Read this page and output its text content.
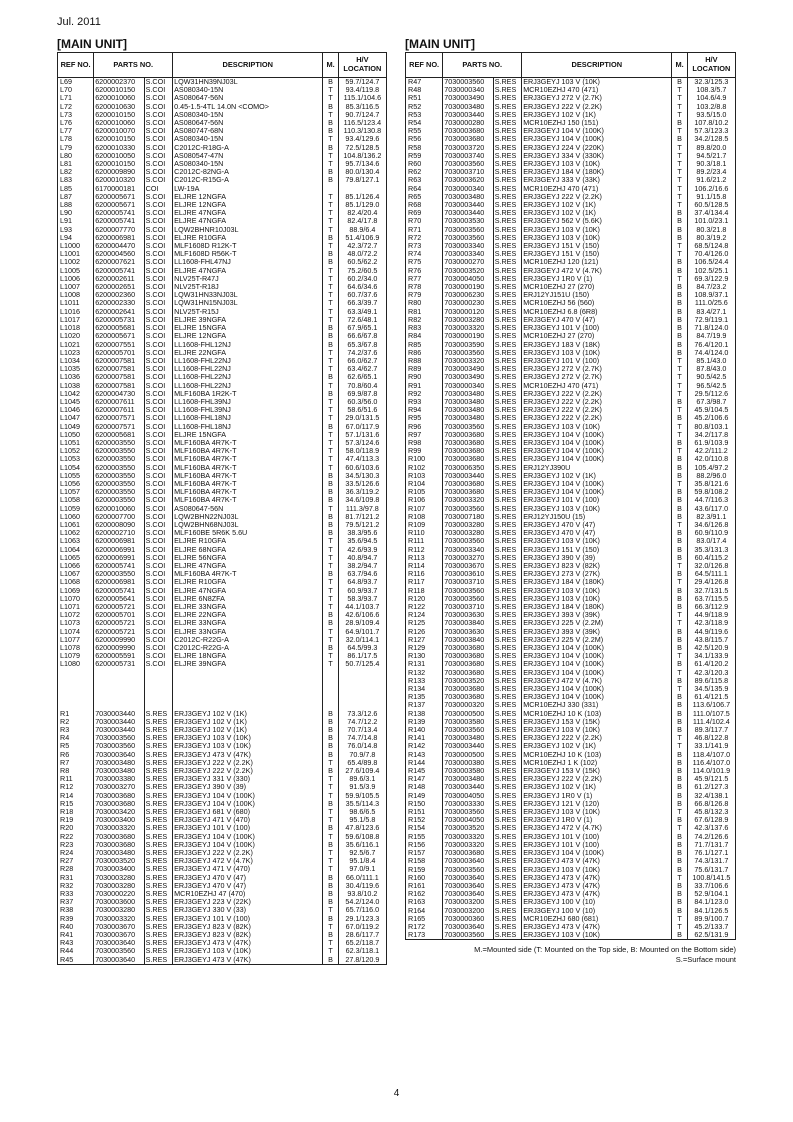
Jul. 2011
[MAIN UNIT]
REF NO.	PARTS NO.		DESCRIPTION	M.	H/V LOCATION
L69	6200002370	S.COI	LQW31HN39NJ03L	B	59.7/124.7
L70	6200010150	S.COI	AS080340-15N	T	93.4/119.8
L71	6200010060	S.COI	AS080647-56N	T	115.1/104.6
L72	6200010630	S.COI	0.45-1.5-4TL 14.0N <COMO>	B	85.3/116.5
L73	6200010150	S.COI	AS080340-15N	T	90.7/124.7
L76	6200010060	S.COI	AS080647-56N	B	116.5/123.4
L77	6200010070	S.COI	AS080747-68N	B	110.3/130.8
L78	6200010150	S.COI	AS080340-15N	T	93.4/129.6
L79	6200010330	S.COI	C2012C-R18G-A	B	72.5/128.5
L80	6200010050	S.COI	AS080547-47N	T	104.8/136.2
L81	6200010150	S.COI	AS080340-15N	T	95.7/134.6
L82	6200009890	S.COI	C2012C-82NG-A	B	80.0/130.4
L83	6200010320	S.COI	C2012C-R15G-A	B	79.8/127.1
L85	6170000181	COI	LW-19A		
L87	6200005671	S.COI	ELJRE 12NGFA	T	85.1/126.4
L88	6200005671	S.COI	ELJRE 12NGFA	T	85.1/129.0
L90	6200005741	S.COI	ELJRE 47NGFA	T	82.4/20.4
L91	6200005741	S.COI	ELJRE 47NGFA	T	82.4/17.8
L93	6200007770	S.COI	LQW2BHNR10J03L	T	88.9/6.4
L94	6200006981	S.COI	ELJRE R10GFA	B	51.4/106.9
L1000	6200004470	S.COI	MLF1608D R12K-T	T	42.3/72.7
L1001	6200004560	S.COI	MLF1608D R56K-T	B	48.0/72.2
L1002	6200007621	S.COI	LL1608-FHL47NJ	B	60.5/62.2
L1005	6200005741	S.COI	ELJRE 47NGFA	T	75.2/60.5
L1006	6200002611	S.COI	NLV25T-R47J	T	60.2/34.0
L1007	6200002651	S.COI	NLV25T-R18J	T	64.6/34.6
L1008	6200002360	S.COI	LQW31HN33NJ03L	T	60.7/37.6
L1011	6200002330	S.COI	LQW31HN15NJ03L	T	66.3/39.7
L1016	6200002641	S.COI	NLV25T-R15J	T	63.3/49.1
L1017	6200005731	S.COI	ELJRE 39NGFA	T	72.6/48.1
L1018	6200005681	S.COI	ELJRE 15NGFA	B	67.9/65.1
L1020	6200005671	S.COI	ELJRE 12NGFA	B	66.6/67.8
L1021	6200007551	S.COI	LL1608-FHL12NJ	B	65.3/67.8
L1023	6200005701	S.COI	ELJRE 22NGFA	T	74.2/37.6
L1034	6200007581	S.COI	LL1608-FHL22NJ	T	66.0/62.7
L1035	6200007581	S.COI	LL1608-FHL22NJ	T	63.4/62.7
L1036	6200007581	S.COI	LL1608-FHL22NJ	B	62.6/65.1
L1038	6200007581	S.COI	LL1608-FHL22NJ	T	70.8/60.4
L1042	6200004730	S.COI	MLF160BA 1R2K-T	B	69.9/87.8
L1045	6200007611	S.COI	LL1608-FHL39NJ	T	60.3/56.0
L1046	6200007611	S.COI	LL1608-FHL39NJ	T	58.6/51.6
L1047	6200007571	S.COI	LL1608-FHL18NJ	T	29.0/131.5
L1049	6200007571	S.COI	LL1608-FHL18NJ	B	67.0/117.9
L1050	6200005681	S.COI	ELJRE 15NGFA	T	57.1/131.6
L1051	6200003550	S.COI	MLF160BA 4R7K-T	T	57.3/124.6
L1052	6200003550	S.COI	MLF160BA 4R7K-T	T	58.0/118.9
L1053	6200003550	S.COI	MLF160BA 4R7K-T	T	47.4/113.3
L1054	6200003550	S.COI	MLF160BA 4R7K-T	T	60.6/103.6
L1055	6200003550	S.COI	MLF160BA 4R7K-T	B	34.5/130.3
L1056	6200003550	S.COI	MLF160BA 4R7K-T	B	33.5/126.6
L1057	6200003550	S.COI	MLF160BA 4R7K-T	B	36.3/119.2
L1058	6200003550	S.COI	MLF160BA 4R7K-T	B	34.6/109.8
L1059	6200010060	S.COI	AS080647-56N	T	111.3/97.8
L1060	6200007700	S.COI	LQW2BHN22NJ03L	B	81.7/121.2
L1061	6200008090	S.COI	LQW2BHN68NJ03L	B	79.5/121.2
L1062	6200002710	S.COI	MLF160BE 5R6K 5.6U	B	38.3/95.6
L1063	6200006981	S.COI	ELJRE R10GFA	T	35.6/94.5
L1064	6200006991	S.COI	ELJRE 68NGFA	T	42.6/93.9
L1065	6200006991	S.COI	ELJRE 56NGFA	T	40.8/94.7
L1066	6200005741	S.COI	ELJRE 47NGFA	T	38.2/94.7
L1067	6200003550	S.COI	MLF160BA 4R7K-T	B	63.7/94.6
L1068	6200006981	S.COI	ELJRE R10GFA	T	64.8/93.7
L1069	6200005741	S.COI	ELJRE 47NGFA	T	60.9/93.7
L1070	6200005641	S.COI	ELJRE 6N8ZFA	T	58.3/93.7
L1071	6200005721	S.COI	ELJRE 33NGFA	T	44.1/103.7
L1072	6200005701	S.COI	ELJRE 22NGFA	B	42.6/106.6
L1073	6200005721	S.COI	ELJRE 33NGFA	B	28.9/109.4
L1074	6200005721	S.COI	ELJRE 33NGFA	T	64.9/101.7
L1077	6200009990	S.COI	C2012C-R22G-A	T	32.0/114.1
L1078	6200009990	S.COI	C2012C-R22G-A	B	64.5/99.3
L1079	6200005591	S.COI	ELJRE 18NGFA	T	86.1/17.5
L1080	6200005731	S.COI	ELJRE 39NGFA	T	50.7/125.4

R1	7030003440	S.RES	ERJ3GEYJ 102 V (1K)	B	73.3/12.6
R2	7030003440	S.RES	ERJ3GEYJ 102 V (1K)	B	74.7/12.2
R3	7030003440	S.RES	ERJ3GEYJ 102 V (1K)	B	70.7/13.4
R4	7030003560	S.RES	ERJ3GEYJ 103 V (10K)	B	74.7/14.8
R5	7030003560	S.RES	ERJ3GEYJ 103 V (10K)	B	76.0/14.8
R6	7030003640	S.RES	ERJ3GEYJ 473 V (47K)	B	70.9/7.8
R7	7030003480	S.RES	ERJ3GEYJ 222 V (2.2K)	T	65.4/89.8
R8	7030003480	S.RES	ERJ3GEYJ 222 V (2.2K)	B	27.6/109.4
R11	7030003380	S.RES	ERJ3GEYJ 331 V (330)	T	89.6/3.1
R12	7030003270	S.RES	ERJ3GEYJ 390 V (39)	T	91.5/3.9
R14	7030003680	S.RES	ERJ3GEYJ 104 V (100K)	T	59.9/105.5
R15	7030003680	S.RES	ERJ3GEYJ 104 V (100K)	B	35.5/114.3
R18	7030003420	S.RES	ERJ3GEYJ 681 V (680)	T	98.6/6.5
R19	7030003400	S.RES	ERJ3GEYJ 471 V (470)	T	95.1/5.8
R20	7030003320	S.RES	ERJ3GEYJ 101 V (100)	B	47.8/123.6
R22	7030003680	S.RES	ERJ3GEYJ 104 V (100K)	T	59.6/108.8
R23	7030003680	S.RES	ERJ3GEYJ 104 V (100K)	B	35.6/116.1
R24	7030003480	S.RES	ERJ3GEYJ 222 V (2.2K)	T	92.5/6.7
R27	7030003520	S.RES	ERJ3GEYJ 472 V (4.7K)	T	95.1/8.4
R28	7030003400	S.RES	ERJ3GEYJ 471 V (470)	T	97.0/9.1
R31	7030003280	S.RES	ERJ3GEYJ 470 V (47)	B	66.0/111.1
R32	7030003280	S.RES	ERJ3GEYJ 470 V (47)	B	30.4/119.6
R33	7030000220	S.RES	MCR10EZHJ 47 (470)	B	93.8/10.2
R37	7030003600	S.RES	ERJ3GEYJ 223 V (22K)	B	54.2/124.0
R38	7030003280	S.RES	ERJ3GEYJ 330 V (33)	T	65.7/116.0
R39	7030003320	S.RES	ERJ3GEYJ 101 V (100)	B	29.1/123.3
R40	7030003670	S.RES	ERJ3GEYJ 823 V (82K)	T	67.0/119.2
R41	7030003670	S.RES	ERJ3GEYJ 823 V (82K)	B	28.6/117.7
R43	7030003640	S.RES	ERJ3GEYJ 473 V (47K)	T	65.2/118.7
R44	7030003560	S.RES	ERJ3GEYJ 103 V (10K)	T	62.3/118.1
R45	7030003640	S.RES	ERJ3GEYJ 473 V (47K)	B	27.8/120.9
[MAIN UNIT]
REF NO.	PARTS NO.		DESCRIPTION	M.	H/V LOCATION
R47	7030003560	S.RES	ERJ3GEYJ 103 V (10K)	B	32.3/125.3
R48	7030000340	S.RES	MCR10EZHJ 470 (471)	T	108.3/5.7
R51	7030003490	S.RES	ERJ3GEYJ 272 V (2.7K)	T	104.6/4.9
R52	7030003480	S.RES	ERJ3GEYJ 222 V (2.2K)	T	103.2/8.8
R53	7030003440	S.RES	ERJ3GEYJ 102 V (1K)	T	93.5/15.0
R54	7030000280	S.RES	MCR10EZHJ 150 (151)	B	107.8/10.2
R55	7030003680	S.RES	ERJ3GEYJ 104 V (100K)	T	57.3/123.3
R56	7030003680	S.RES	ERJ3GEYJ 104 V (100K)	B	34.2/128.5
R58	7030003720	S.RES	ERJ3GEYJ 224 V (220K)	T	89.8/20.0
R59	7030003740	S.RES	ERJ3GEYJ 334 V (330K)	T	94.5/21.7
R60	7030003560	S.RES	ERJ3GEYJ 103 V (10K)	T	90.3/18.1
R62	7030003710	S.RES	ERJ3GEYJ 184 V (180K)	T	89.2/23.4
R63	7030003620	S.RES	ERJ3GEYJ 333 V (33K)	T	91.6/21.2
R64	7030000340	S.RES	MCR10EZHJ 470 (471)	T	106.2/16.6
R65	7030003480	S.RES	ERJ3GEYJ 222 V (2.2K)	T	91.1/15.8
R68	7030003440	S.RES	ERJ3GEYJ 102 V (1K)	T	60.5/128.5
R69	7030003440	S.RES	ERJ3GEYJ 102 V (1K)	B	37.4/134.4
R70	7030003530	S.RES	ERJ3GEYJ 562 V (5.6K)	B	101.0/23.1
R71	7030003560	S.RES	ERJ3GEYJ 103 V (10K)	B	80.3/21.8
R72	7030003560	S.RES	ERJ3GEYJ 103 V (10K)	B	80.3/19.2
R73	7030003340	S.RES	ERJ3GEYJ 151 V (150)	T	68.5/124.8
R74	7030003340	S.RES	ERJ3GEYJ 151 V (150)	T	70.4/126.0
R75	7030000270	S.RES	MCR10EZHJ 120 (121)	B	106.5/24.4
R76	7030003520	S.RES	ERJ3GEYJ 472 V (4.7K)	B	102.5/25.1
R77	7030004050	S.RES	ERJ3GEYJ 1R0 V (1)	T	69.3/122.9
R78	7030000190	S.RES	MCR10EZHJ 27 (270)	B	84.7/23.2
R79	7030006230	S.RES	ERJ12YJ151U (150)	B	108.9/37.1
R80	7030000230	S.RES	MCR10EZHJ 56 (560)	B	111.0/25.6
R81	7030000120	S.RES	MCR10EZHJ 6.8 (6R8)	B	83.4/27.1
R82	7030003280	S.RES	ERJ3GEYJ 470 V (47)	B	72.9/119.1
R83	7030003320	S.RES	ERJ3GEYJ 101 V (100)	B	71.8/124.0
R84	7030000190	S.RES	MCR10EZHJ 27 (270)	B	84.7/19.9
R85	7030003590	S.RES	ERJ3GEYJ 183 V (18K)	B	76.4/120.1
R86	7030003560	S.RES	ERJ3GEYJ 103 V (10K)	B	74.4/124.0
R88	7030003320	S.RES	ERJ3GEYJ 101 V (100)	T	85.1/43.0
R89	7030003490	S.RES	ERJ3GEYJ 272 V (2.7K)	T	87.8/43.0
R90	7030003490	S.RES	ERJ3GEYJ 272 V (2.7K)	T	90.5/42.5
R91	7030000340	S.RES	MCR10EZHJ 470 (471)	T	96.5/42.5
R92	7030003480	S.RES	ERJ3GEYJ 222 V (2.2K)	T	29.5/112.6
R93	7030003480	S.RES	ERJ3GEYJ 222 V (2.2K)	B	67.3/98.7
R94	7030003480	S.RES	ERJ3GEYJ 222 V (2.2K)	T	45.9/104.5
R95	7030003480	S.RES	ERJ3GEYJ 222 V (2.2K)	B	45.2/106.6
R96	7030003560	S.RES	ERJ3GEYJ 103 V (10K)	T	80.8/103.1
R97	7030003680	S.RES	ERJ3GEYJ 104 V (100K)	T	34.2/117.8
R98	7030003680	S.RES	ERJ3GEYJ 104 V (100K)	B	61.9/103.9
R99	7030003680	S.RES	ERJ3GEYJ 104 V (100K)	T	42.2/111.2
R100	7030003680	S.RES	ERJ3GEYJ 104 V (100K)	B	42.0/110.8
R102	7030006350	S.RES	ERJ12YJ390U	B	105.4/97.2
R103	7030003440	S.RES	ERJ3GEYJ 102 V (1K)	B	88.2/96.0
R104	7030003680	S.RES	ERJ3GEYJ 104 V (100K)	T	35.8/121.6
R105	7030003680	S.RES	ERJ3GEYJ 104 V (100K)	B	59.8/108.2
R106	7030003320	S.RES	ERJ3GEYJ 101 V (100)	B	44.7/116.3
R107	7030003560	S.RES	ERJ3GEYJ 103 V (10K)	B	43.6/117.0
R108	7030007180	S.RES	ERJ12YJ150U (15)	B	82.3/91.1
R109	7030003280	S.RES	ERJ3GEYJ 470 V (47)	T	34.6/126.8
R110	7030003280	S.RES	ERJ3GEYJ 470 V (47)	B	60.9/110.9
R111	7030003560	S.RES	ERJ3GEYJ 103 V (10K)	B	83.0/17.4
R112	7030003340	S.RES	ERJ3GEYJ 151 V (150)	B	35.3/131.3
R113	7030003270	S.RES	ERJ3GEYJ 390 V (39)	B	60.4/115.2
R114	7030003670	S.RES	ERJ3GEYJ 823 V (82K)	T	32.0/126.8
R116	7030003610	S.RES	ERJ3GEYJ 273 V (27K)	B	64.5/111.1
R117	7030003710	S.RES	ERJ3GEYJ 184 V (180K)	T	29.4/126.8
R118	7030003560	S.RES	ERJ3GEYJ 103 V (10K)	B	32.7/131.5
R120	7030003560	S.RES	ERJ3GEYJ 103 V (10K)	B	63.7/115.5
R122	7030003710	S.RES	ERJ3GEYJ 184 V (180K)	B	66.3/112.9
R124	7030003630	S.RES	ERJ3GEYJ 393 V (39K)	T	44.9/118.9
R125	7030003840	S.RES	ERJ3GEYJ 225 V (2.2M)	T	42.3/118.9
R126	7030003630	S.RES	ERJ3GEYJ 393 V (39K)	B	44.9/119.6
R127	7030003840	S.RES	ERJ3GEYJ 225 V (2.2M)	B	43.8/115.7
R129	7030003680	S.RES	ERJ3GEYJ 104 V (100K)	B	42.5/120.9
R130	7030003680	S.RES	ERJ3GEYJ 104 V (100K)	T	34.1/133.9
R131	7030003680	S.RES	ERJ3GEYJ 104 V (100K)	B	61.4/120.2
R132	7030003680	S.RES	ERJ3GEYJ 104 V (100K)	T	42.3/120.3
R133	7030003520	S.RES	ERJ3GEYJ 472 V (4.7K)	B	89.6/115.8
R134	7030003680	S.RES	ERJ3GEYJ 104 V (100K)	T	34.5/135.9
R135	7030003680	S.RES	ERJ3GEYJ 104 V (100K)	B	61.4/121.5
R137	7030000320	S.RES	MCR10EZHJ 330 (331)	B	113.6/106.7
R138	7030000500	S.RES	MCR10EZHJ 10 K (103)	B	111.0/107.5
R139	7030003580	S.RES	ERJ3GEYJ 153 V (15K)	B	111.4/102.4
R140	7030003560	S.RES	ERJ3GEYJ 103 V (10K)	B	89.3/117.7
R141	7030003480	S.RES	ERJ3GEYJ 222 V (2.2K)	T	46.8/122.8
R142	7030003440	S.RES	ERJ3GEYJ 102 V (1K)	T	33.1/141.9
R143	7030000500	S.RES	MCR10EZHJ 10 K (103)	B	118.4/107.0
R144	7030000380	S.RES	MCR10EZHJ 1 K (102)	B	116.4/107.0
R145	7030003580	S.RES	ERJ3GEYJ 153 V (15K)	B	114.0/101.9
R147	7030003480	S.RES	ERJ3GEYJ 222 V (2.2K)	B	45.9/121.5
R148	7030003440	S.RES	ERJ3GEYJ 102 V (1K)	B	61.2/127.3
R149	7030004050	S.RES	ERJ3GEYJ 1R0 V (1)	B	32.4/138.1
R150	7030003330	S.RES	ERJ3GEYJ 121 V (120)	B	66.8/126.8
R151	7030003560	S.RES	ERJ3GEYJ 103 V (10K)	T	45.8/132.3
R152	7030004050	S.RES	ERJ3GEYJ 1R0 V (1)	B	67.6/128.9
R154	7030003520	S.RES	ERJ3GEYJ 472 V (4.7K)	T	42.3/137.6
R155	7030003320	S.RES	ERJ3GEYJ 101 V (100)	B	74.2/126.6
R156	7030003320	S.RES	ERJ3GEYJ 101 V (100)	B	71.7/131.7
R157	7030003680	S.RES	ERJ3GEYJ 104 V (100K)	B	76.1/127.1
R158	7030003640	S.RES	ERJ3GEYJ 473 V (47K)	B	74.3/131.7
R159	7030003560	S.RES	ERJ3GEYJ 103 V (10K)	B	75.6/131.7
R160	7030003640	S.RES	ERJ3GEYJ 473 V (47K)	T	100.8/141.5
R161	7030003640	S.RES	ERJ3GEYJ 473 V (47K)	B	33.7/106.6
R162	7030003640	S.RES	ERJ3GEYJ 473 V (47K)	B	52.9/104.1
R163	7030003200	S.RES	ERJ3GEYJ 100 V (10)	B	84.1/123.0
R164	7030003200	S.RES	ERJ3GEYJ 100 V (10)	B	84.1/126.5
R165	7030000360	S.RES	MCR10EZHJ 680 (681)	T	89.9/100.7
R172	7030003640	S.RES	ERJ3GEYJ 473 V (47K)	T	45.2/133.7
R173	7030003560	S.RES	ERJ3GEYJ 103 V (10K)	B	62.5/131.9
M.=Mounted side (T: Mounted on the Top side, B: Mounted on the Bottom side)
S.=Surface mount
4
